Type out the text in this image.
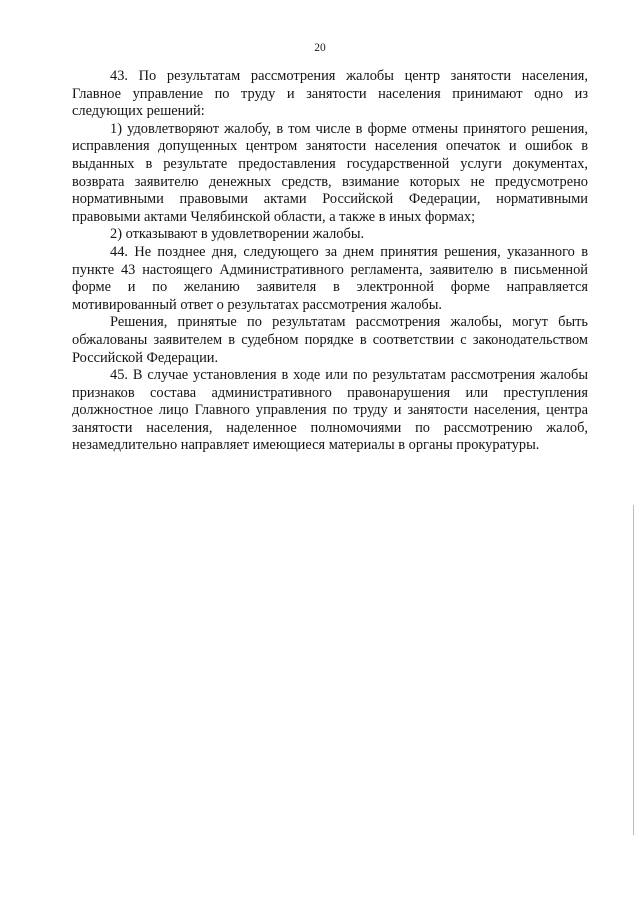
20

43. По результатам рассмотрения жалобы центр занятости населения, Главное управление по труду и занятости населения принимают одно из следующих решений:

1) удовлетворяют жалобу, в том числе в форме отмены принятого решения, исправления допущенных центром занятости населения опечаток и ошибок в выданных в результате предоставления государственной услуги документах, возврата заявителю денежных средств, взимание которых не предусмотрено нормативными правовыми актами Российской Федерации, нормативными правовыми актами Челябинской области, а также в иных формах;

2) отказывают в удовлетворении жалобы.

44. Не позднее дня, следующего за днем принятия решения, указанного в пункте 43 настоящего Административного регламента, заявителю в письменной форме и по желанию заявителя в электронной форме направляется мотивированный ответ о результатах рассмотрения жалобы.

Решения, принятые по результатам рассмотрения жалобы, могут быть обжалованы заявителем в судебном порядке в соответствии с законодательством Российской Федерации.

45. В случае установления в ходе или по результатам рассмотрения жалобы признаков состава административного правонарушения или преступления должностное лицо Главного управления по труду и занятости населения, центра занятости населения, наделенное полномочиями по рассмотрению жалоб, незамедлительно направляет имеющиеся материалы в органы прокуратуры.
